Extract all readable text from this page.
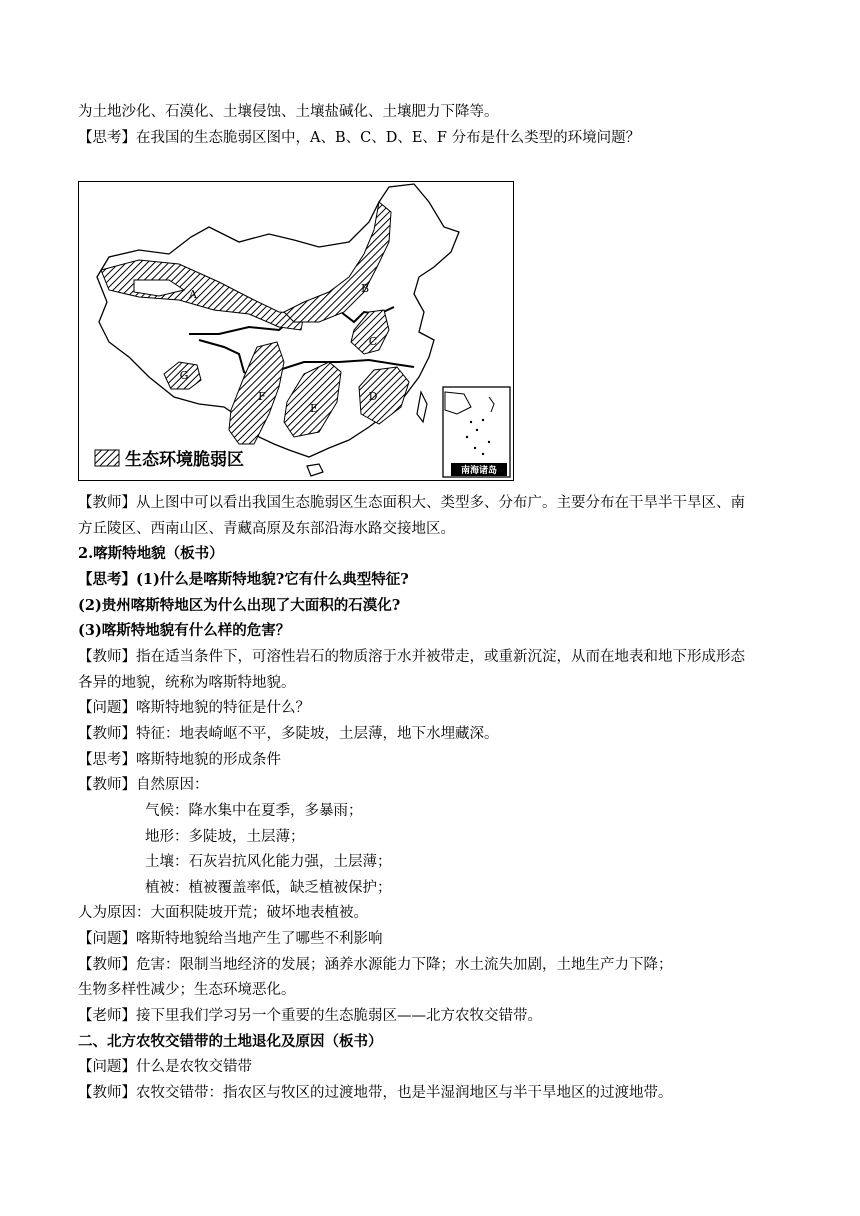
为土地沙化、石漠化、土壤侵蚀、土壤盐碱化、土壤肥力下降等。
【思考】在我国的生态脆弱区图中，A、B、C、D、E、F 分布是什么类型的环境问题？
A	B
C
D
E
F
G
生态环境脆弱区
南海诸岛
【教师】从上图中可以看出我国生态脆弱区生态面积大、类型多、分布广。主要分布在干旱半干旱区、南
方丘陵区、西南山区、青藏高原及东部沿海水路交接地区。
2.喀斯特地貌（板书）
【思考】(1)什么是喀斯特地貌?它有什么典型特征?
(2)贵州喀斯特地区为什么出现了大面积的石漠化?
(3)喀斯特地貌有什么样的危害？
【教师】指在适当条件下，可溶性岩石的物质溶于水并被带走，或重新沉淀，从而在地表和地下形成形态
各异的地貌，统称为喀斯特地貌。
【问题】喀斯特地貌的特征是什么？
【教师】特征：地表崎岖不平，多陡坡，土层薄，地下水埋藏深。
【思考】喀斯特地貌的形成条件
【教师】自然原因：
气候：降水集中在夏季，多暴雨；
地形：多陡坡，土层薄；
土壤：石灰岩抗风化能力强，土层薄；
植被：植被覆盖率低，缺乏植被保护；
人为原因：大面积陡坡开荒；破坏地表植被。
【问题】喀斯特地貌给当地产生了哪些不利影响
【教师】危害：限制当地经济的发展；涵养水源能力下降；水土流失加剧，土地生产力下降；
生物多样性减少；生态环境恶化。
【老师】接下里我们学习另一个重要的生态脆弱区——北方农牧交错带。
二、北方农牧交错带的土地退化及原因（板书）
【问题】什么是农牧交错带
【教师】农牧交错带：指农区与牧区的过渡地带，也是半湿润地区与半干旱地区的过渡地带。
